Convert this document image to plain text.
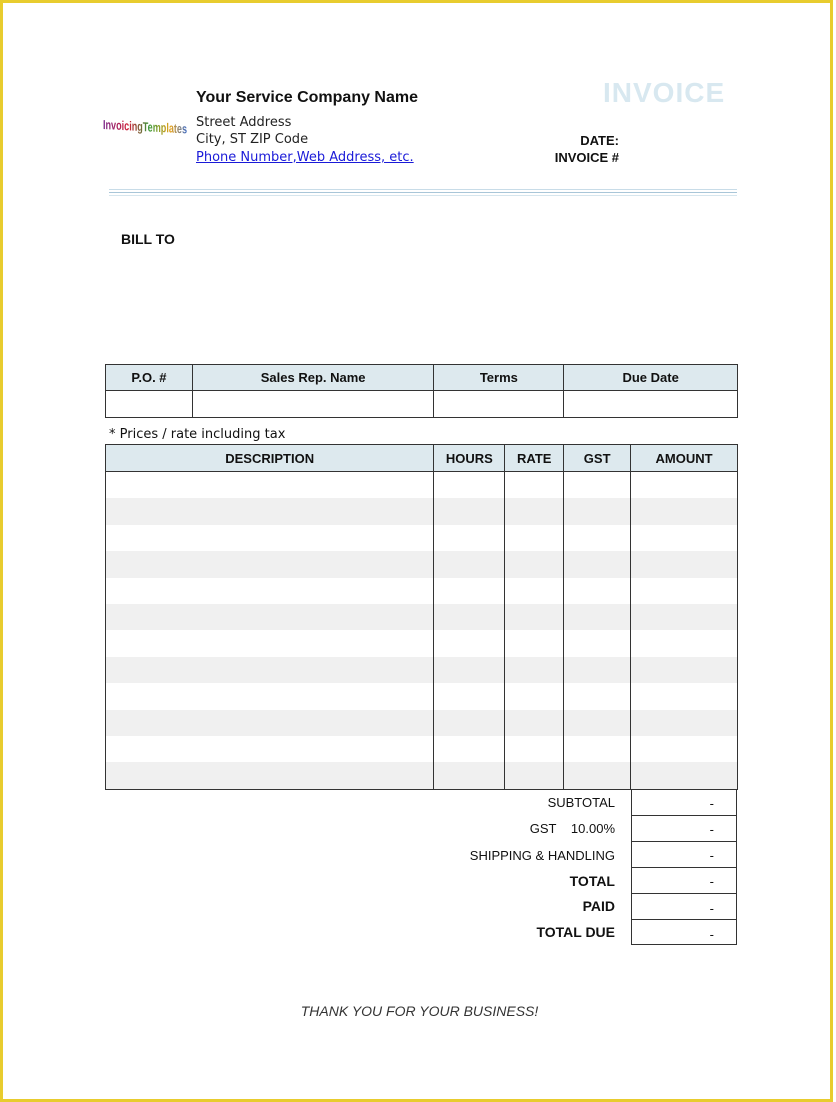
InvoicingTemplates
Your Service Company Name
Street Address
City, ST ZIP Code
Phone Number,Web Address, etc.
INVOICE
DATE:
INVOICE #
BILL TO
P.O. #	Sales Rep. Name	Terms	Due Date

* Prices / rate including tax
DESCRIPTION	HOURS	RATE	GST	AMOUNT

SUBTOTAL	-
GST 10.00%	-
SHIPPING & HANDLING	-
TOTAL	-
PAID	-
TOTAL DUE	-
THANK YOU FOR YOUR BUSINESS!
